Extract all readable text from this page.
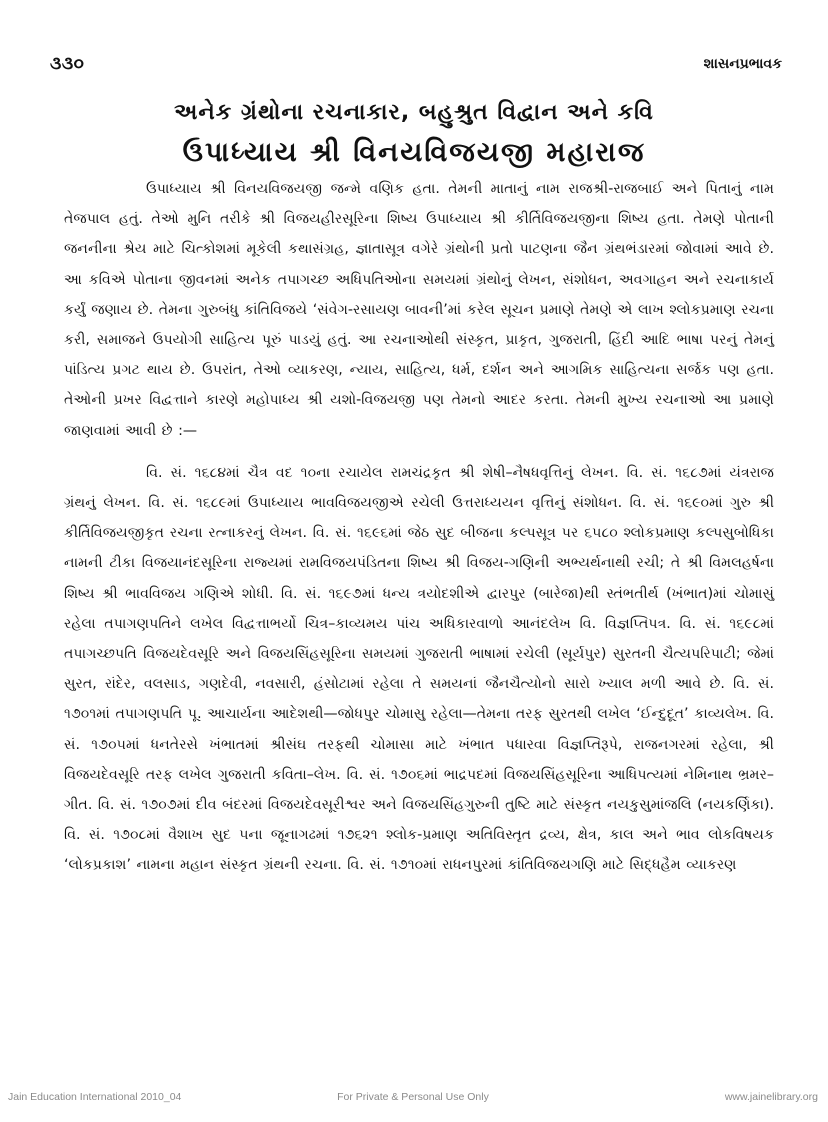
૩૩૦	શાસનપ્રભાવક
અનેક ગ્રંથોના રચનાકાર, બહુશ્રુત વિદ્વાન અને કવિ
ઉપાધ્યાય શ્રી વિનયવિજયજી મહારાજ

ઉપાધ્યાય શ્રી વિનયવિજયજી જન્મે વણિક હતા. તેમની માતાનું નામ રાજશ્રી-રાજબાઈ અને પિતાનું નામ તેજપાલ હતું. તેઓ મુનિ તરીકે શ્રી વિજયહીરસૂરિના શિષ્ય ઉપાધ્યાય શ્રી કીર્તિવિજયજીના શિષ્ય હતા. તેમણે પોતાની જનનીના શ્રેય માટે ચિત્કોશમાં મૂકેલી કથાસંગ્રહ, જ્ઞાતાસૂત્ર વગેરે ગ્રંથોની પ્રતો પાટણના જૈન ગ્રંથભંડારમાં જોવામાં આવે છે. આ કવિએ પોતાના જીવનમાં અનેક તપાગચ્છ અધિપતિઓના સમયમાં ગ્રંથોનું લેખન, સંશોધન, અવગાહન અને રચનાકાર્ય કર્યું જણાય છે. તેમના ગુરુબંધુ કાંતિવિજયે ‘સંવેગ-રસાયણ બાવની’માં કરેલ સૂચન પ્રમાણે તેમણે એ લાખ શ્લોકપ્રમાણ રચના કરી, સમાજને ઉપયોગી સાહિત્ય પૂરું પાડયું હતું. આ રચનાઓથી સંસ્કૃત, પ્રાકૃત, ગુજરાતી, હિંદી આદિ ભાષા પરનું તેમનું પાંડિત્ય પ્રગટ થાય છે. ઉપરાંત, તેઓ વ્યાકરણ, ન્યાય, સાહિત્ય, ધર્મ, દર્શન અને આગમિક સાહિત્યના સર્જક પણ હતા. તેઓની પ્રખર વિદ્વત્તાને કારણે મહોપાધ્ય શ્રી યશો-વિજયજી પણ તેમનો આદર કરતા. તેમની મુખ્ય રચનાઓ આ પ્રમાણે જાણવામાં આવી છે :—

વિ. સં. ૧૬૮૪માં ચૈત્ર વદ ૧૦ના રચાયેલ રામચંદ્રકૃત શ્રી શેષી–નૈષધવૃત્તિનું લેખન. વિ. સં. ૧૬૮૭માં યંત્રરાજ ગ્રંથનું લેખન. વિ. સં. ૧૬૮૯માં ઉપાધ્યાય ભાવવિજયજીએ રચેલી ઉત્તરાધ્યયન વૃત્તિનું સંશોધન. વિ. સં. ૧૬૯૦માં ગુરુ શ્રી કીર્તિવિજયજીકૃત રચના રત્નાકરનું લેખન. વિ. સં. ૧૬૯૬માં જેઠ સુદ બીજના કલ્પસૂત્ર પર ૬૫૮૦ શ્લોકપ્રમાણ કલ્પસુબોધિકા નામની ટીકા વિજયાનંદસૂરિના રાજ્યમાં રામવિજયપંડિતના શિષ્ય શ્રી વિજય-ગણિની અભ્યર્થનાથી રચી; તે શ્રી વિમલહર્ષના શિષ્ય શ્રી ભાવવિજય ગણિએ શોધી. વિ. સં. ૧૬૯૭માં ધન્ય ત્રયોદશીએ દ્વારપુર (બારેજા)થી સ્તંભતીર્થ (ખંભાત)માં ચોમાસું રહેલા તપાગણપતિને લખેલ વિદ્વત્તાભર્યો ચિત્ર–કાવ્યમય પાંચ અધિકારવાળો આનંદલેખ વિ. વિજ્ઞપ્તિપત્ર. વિ. સં. ૧૬૯૮માં તપાગચ્છપતિ વિજયદેવસૂરિ અને વિજયસિંહસૂરિના સમયમાં ગુજરાતી ભાષામાં રચેલી (સૂર્યપુર) સુરતની ચૈત્યપરિપાટી; જેમાં સુરત, રાંદેર, વલસાડ, ગણદેવી, નવસારી, હંસોટામાં રહેલા તે સમયનાં જૈનચૈત્યોનો સારો ખ્યાલ મળી આવે છે. વિ. સં. ૧૭૦૧માં તપાગણપતિ પૂ. આચાર્યના આદેશથી—જોધપુર ચોમાસુ રહેલા—તેમના તરફ સુરતથી લખેલ ‘ઈન્દુદૂત’ કાવ્યલેખ. વિ. સં. ૧૭૦૫માં ધનતેરસે ખંભાતમાં શ્રીસંઘ તરફથી ચોમાસા માટે ખંભાત પધારવા વિજ્ઞપ્તિરૂપે, રાજનગરમાં રહેલા, શ્રી વિજયદેવસૂરિ તરફ લખેલ ગુજરાતી કવિતા–લેખ. વિ. સં. ૧૭૦૬માં ભાદ્રપદમાં વિજયસિંહસૂરિના આધિપત્યમાં નેમિનાથ ભ્રમર–ગીત. વિ. સં. ૧૭૦૭માં દીવ બંદરમાં વિજયદેવસૂરીશ્વર અને વિજયસિંહગુરુની તુષ્ટિ માટે સંસ્કૃત નયકુસુમાંજલિ (નયકર્ણિકા). વિ. સં. ૧૭૦૮માં વૈશાખ સુદ ૫ના જૂનાગઢમાં ૧૭૬૨૧ શ્લોક-પ્રમાણ અતિવિસ્તૃત દ્રવ્ય, ક્ષેત્ર, કાલ અને ભાવ લોકવિષયક ‘લોકપ્રકાશ’ નામના મહાન સંસ્કૃત ગ્રંથની રચના. વિ. સં. ૧૭૧૦માં રાધનપુરમાં કાંતિવિજયગણિ માટે સિદ્ધહૈમ વ્યાકરણ

Jain Education International 2010_04	For Private & Personal Use Only	www.jainelibrary.org
